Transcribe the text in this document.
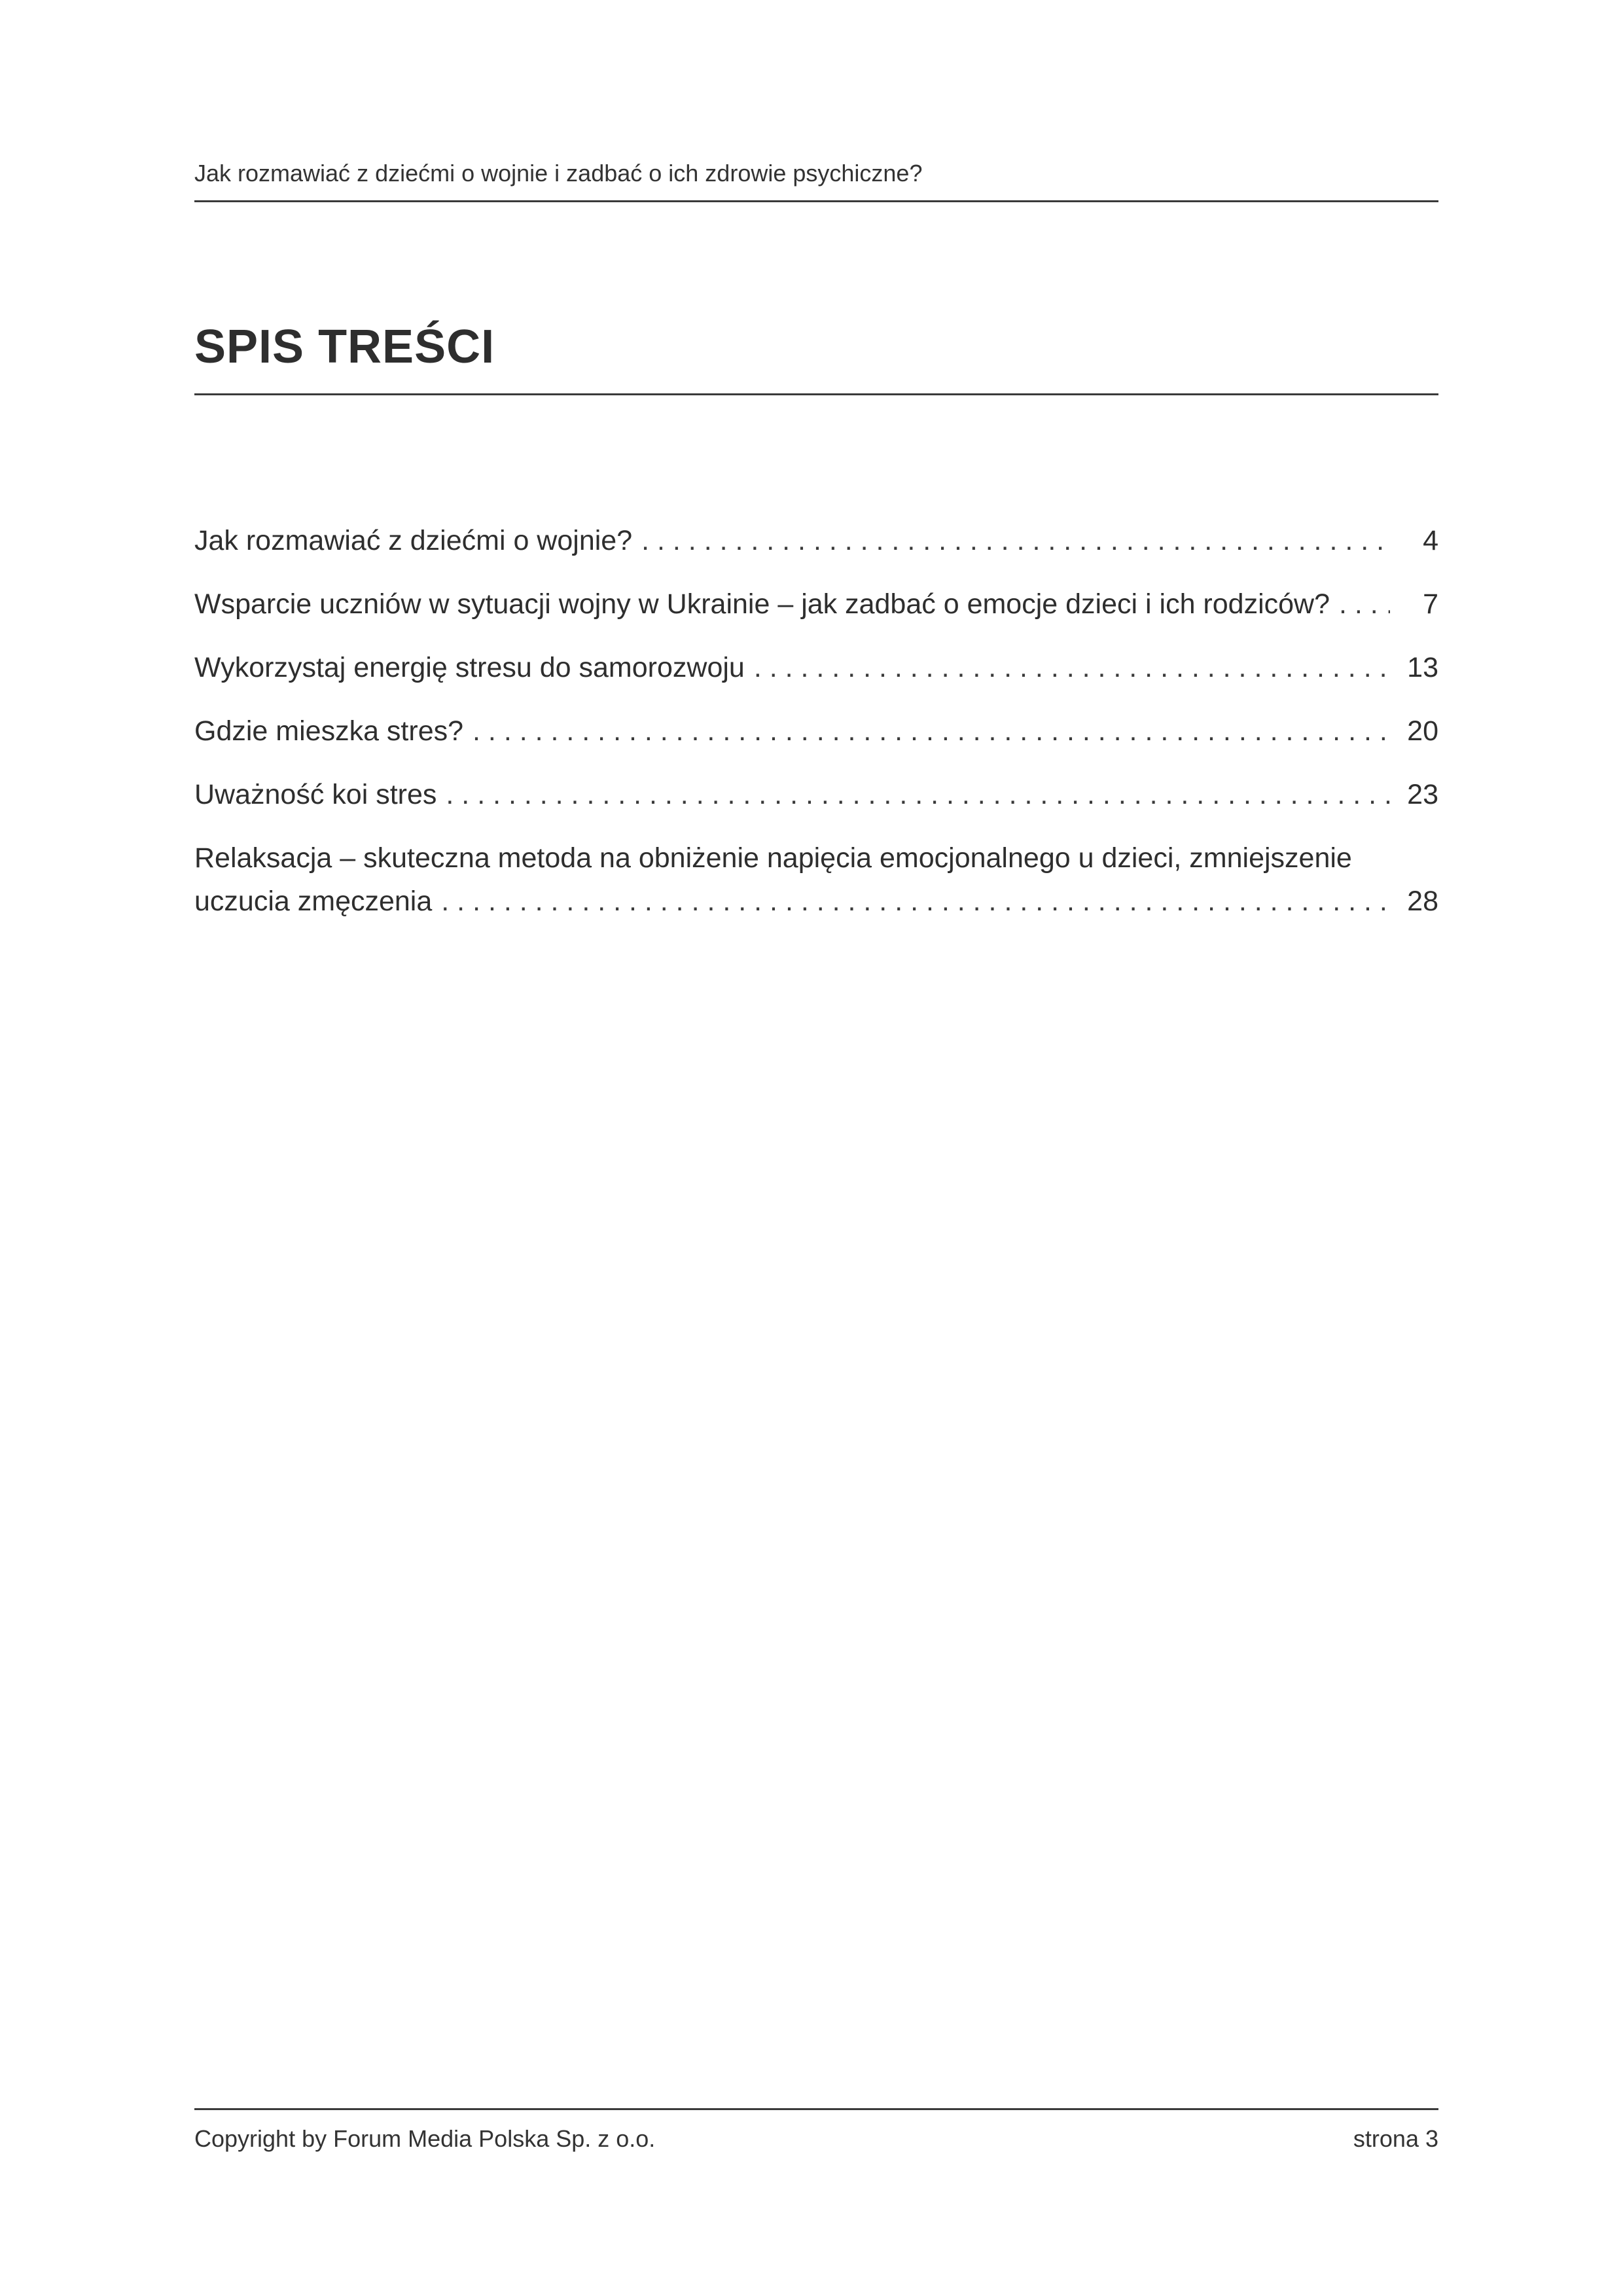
Jak rozmawiać z dziećmi o wojnie i zadbać o ich zdrowie psychiczne?
SPIS TREŚCI
Jak rozmawiać z dziećmi o wojnie? . . .	4
Wsparcie uczniów w sytuacji wojny w Ukrainie – jak zadbać o emocje dzieci i ich rodziców? . . .	7
Wykorzystaj energię stresu do samorozwoju . . .	13
Gdzie mieszka stres? . . .	20
Uważność koi stres . . .	23
Relaksacja – skuteczna metoda na obniżenie napięcia emocjonalnego u dzieci, zmniejszenie
uczucia zmęczenia . . .	28
Copyright by Forum Media Polska Sp. z o.o.	strona 3
